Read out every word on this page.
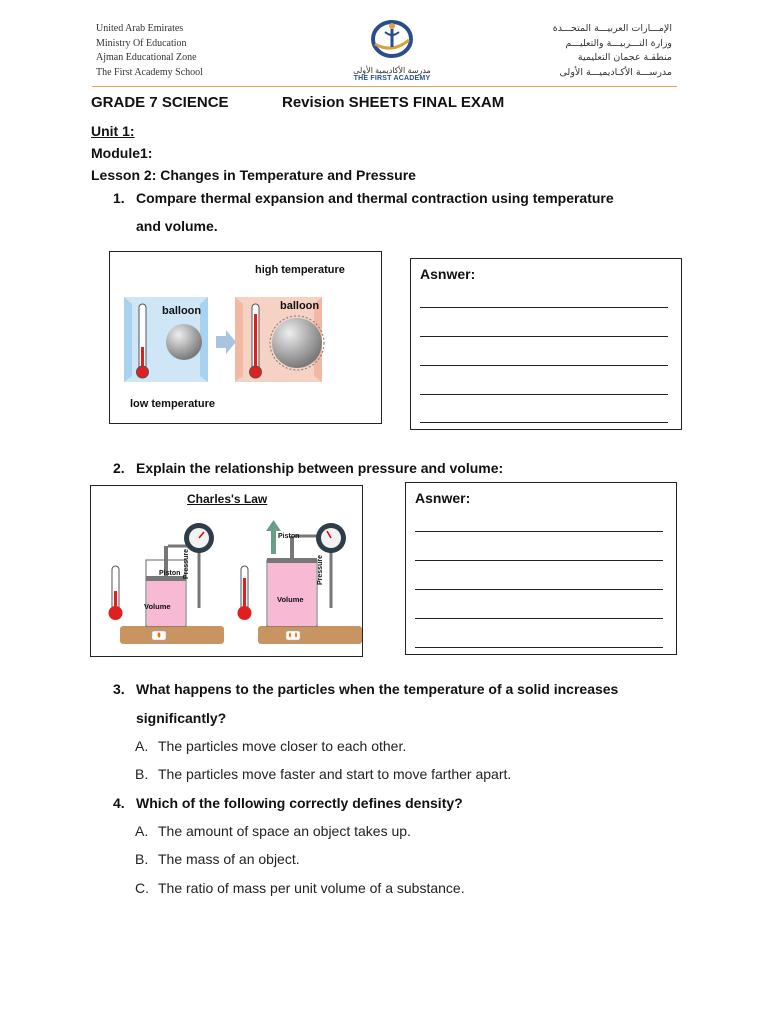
United Arab Emirates
Ministry Of Education
Ajman Educational Zone
The First Academy School	مدرسة الأكاديمية الأولى
THE FIRST ACADEMY
الإمـــارات العربيـــة المتحـــدة
وزارة التـــربيـــة والتعليـــم
منطقـة عجمان التعليمية
مدرســـة الأكـاديميـــة الأولى
GRADE 7 SCIENCE	Revision SHEETS FINAL EXAM
Unit 1:
Module1:
Lesson 2: Changes in Temperature and Pressure
1. Compare thermal expansion and thermal contraction using temperature
and volume.
high temperature
low temperature
balloon	balloon
Asnwer:
2. Explain the relationship between pressure and volume:
Charles's Law
Piston
Piston
Volume
Volume
Pressure	Pressure
Asnwer:
3. What happens to the particles when the temperature of a solid increases
significantly?
A. The particles move closer to each other.
B. The particles move faster and start to move farther apart.
4. Which of the following correctly defines density?
A. The amount of space an object takes up.
B. The mass of an object.
C. The ratio of mass per unit volume of a substance.
